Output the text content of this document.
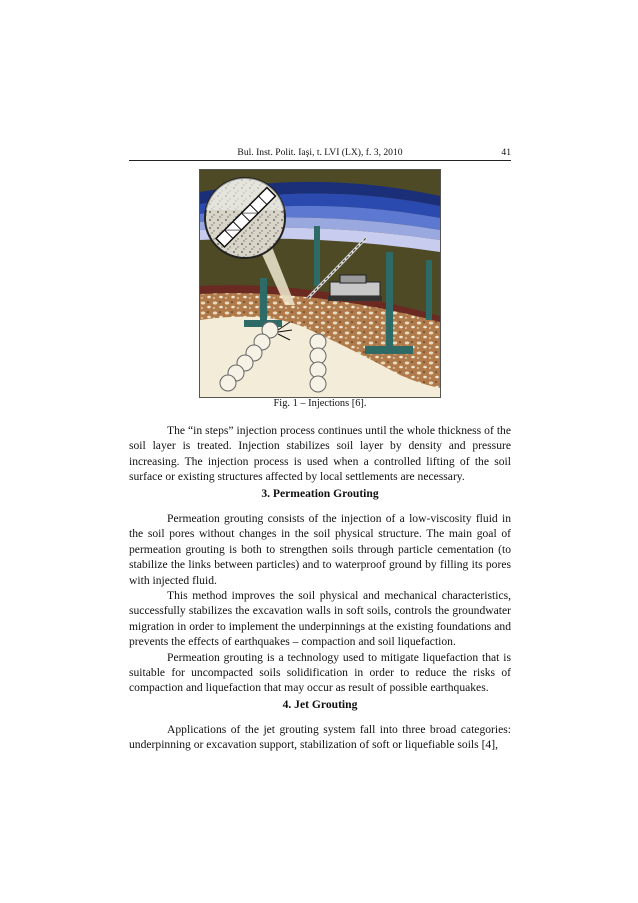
Bul. Inst. Polit. Iaşi, t. LVI (LX), f. 3, 2010	41
Fig. 1 – Injections [6].

The “in steps” injection process continues until the whole thickness of the soil layer is treated. Injection stabilizes soil layer by density and pressure increasing. The injection process is used when a controlled lifting of the soil surface or existing structures affected by local settlements are necessary.

3. Permeation Grouting

Permeation grouting consists of the injection of a low-viscosity fluid in the soil pores without changes in the soil physical structure. The main goal of permeation grouting is both to strengthen soils through particle cementation (to stabilize the links between particles) and to waterproof ground by filling its pores with injected fluid.

This method improves the soil physical and mechanical characteristics, successfully stabilizes the excavation walls in soft soils, controls the groundwater migration in order to implement the underpinnings at the existing foundations and prevents the effects of earthquakes – compaction and soil liquefaction.

Permeation grouting is a technology used to mitigate liquefaction that is suitable for uncompacted soils solidification in order to reduce the risks of compaction and liquefaction that may occur as result of possible earthquakes.

4. Jet Grouting

Applications of the jet grouting system fall into three broad categories: underpinning or excavation support, stabilization of soft or liquefiable soils [4],
